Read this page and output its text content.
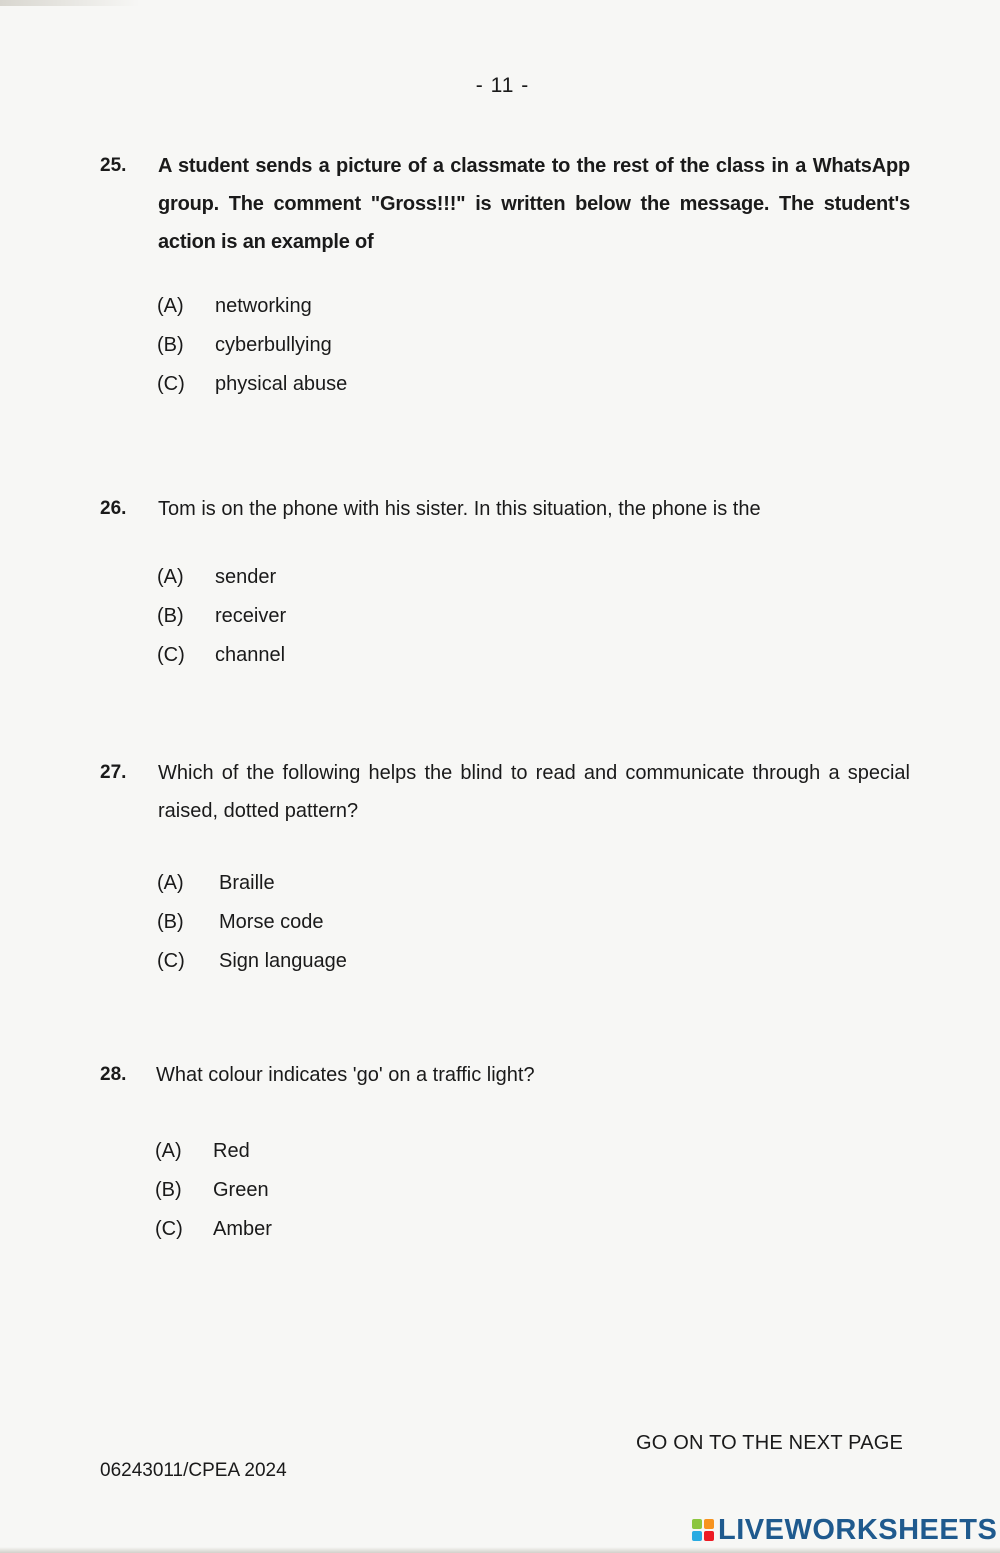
- 11 -
25. A student sends a picture of a classmate to the rest of the class in a WhatsApp group. The comment "Gross!!!" is written below the message. The student's action is an example of
(A) networking
(B) cyberbullying
(C) physical abuse
26. Tom is on the phone with his sister. In this situation, the phone is the
(A) sender
(B) receiver
(C) channel
27. Which of the following helps the blind to read and communicate through a special raised, dotted pattern?
(A) Braille
(B) Morse code
(C) Sign language
28. What colour indicates 'go' on a traffic light?
(A) Red
(B) Green
(C) Amber
GO ON TO THE NEXT PAGE
06243011/CPEA 2024
LIVEWORKSHEETS
